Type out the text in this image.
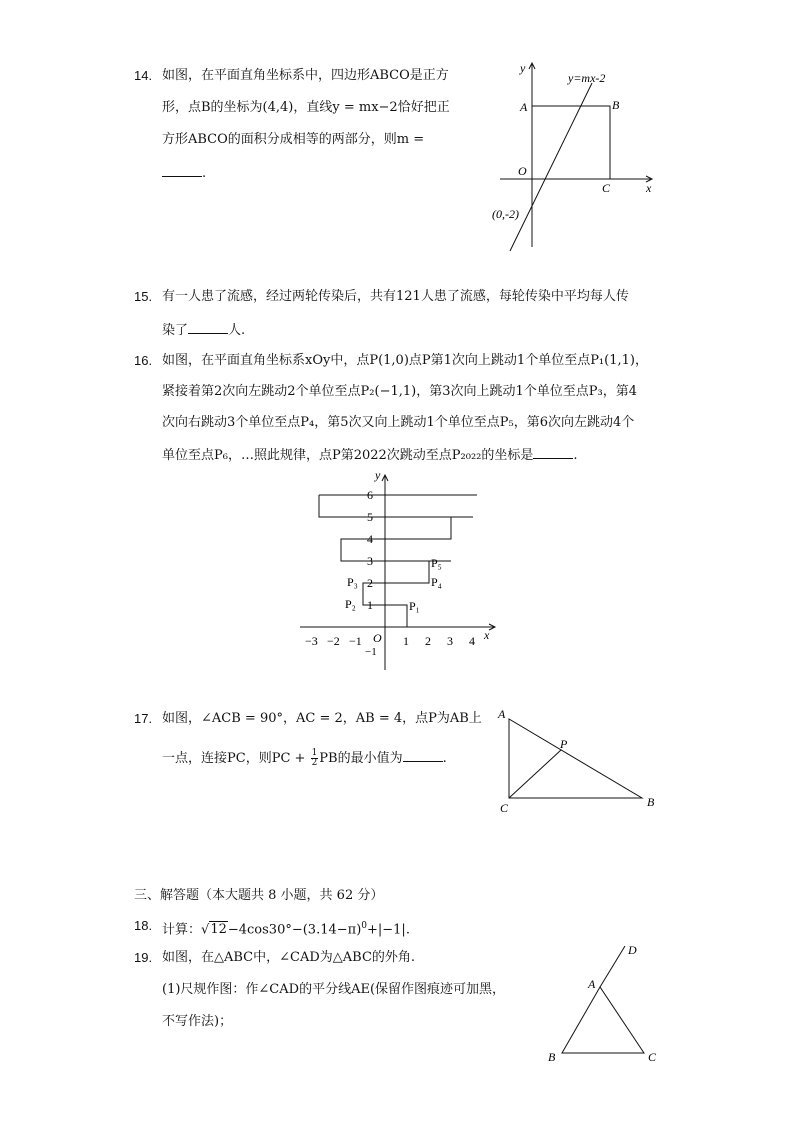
14. 如图，在平面直角坐标系中，四边形ABCO是正方
形，点B的坐标为(4,4)，直线y = mx−2恰好把正
方形ABCO的面积分成相等的两部分，则m =
.
y
x
A	B
O
C
y=mx-2
(0,-2)
15. 有一人患了流感，经过两轮传染后，共有121人患了流感，每轮传染中平均每人传
染了	人.
16. 如图，在平面直角坐标系xOy中，点P(1,0)点P第1次向上跳动1个单位至点P₁(1,1)，
紧接着第2次向左跳动2个单位至点P₂(−1,1)，第3次向上跳动1个单位至点P₃，第4
次向右跳动3个单位至点P₄，第5次又向上跳动1个单位至点P₅，第6次向左跳动4个
单位至点P₆，…照此规律，点P第2022次跳动至点P₂₀₂₂的坐标是	.
y
x
O
−1
−3 −2 −1	1 2 3 4
1
2
3
4
5
6
P₁
P₂
P₃	P₄
P₅
17. 如图，∠ACB = 90°，AC = 2，AB = 4，点P为AB上
一点，连接PC，则PC + $\frac{1}{2}$ PB的最小值为	.
A
C	B
P
三、解答题（本大题共 8 小题，共 62 分）
18. 计算：$√12-4\cos 30^\circ-(3.14-\pi)^0+|-1|$.
19. 如图，在△ABC中，∠CAD为△ABC的外角.
(1)尺规作图：作∠CAD的平分线AE(保留作图痕迹可加黑，
不写作法)；
A
B	C
D
